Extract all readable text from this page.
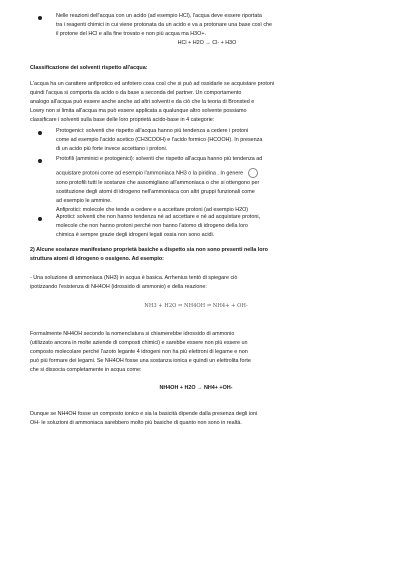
Nelle reazioni dell'acqua con un acido (ad esempio HCl), l'acqua deve essere riportata

tra i reagenti chimici in cui viene protonata da un acido e va a protonare una base così che

il protone del HCl e alla fine trovato e non più acqua ma H3O+.

HCl + H2O → Cl- + H3O

Classificazione dei solventi rispetto all'acqua:

L'acqua ha un carattere anfiprotico ed anfotero cosa così che si può ad ossidarle se acquistare protoni

quindi l'acqua si comporta da acido o da base a seconda del partner. Un comportamento

analogo all'acqua può essere anche anche ad altri solventi e da ciò che la teoria di Bronsted e

Lowry non si limita all'acqua ma può essere applicata a qualunque altro solvente possiamo

classificare i solventi sulla base delle loro proprietà acido-base in 4 categorie:

Protogenici: solventi che rispetto all'acqua hanno più tendenza a cedere i protoni

come ad esempio l'acido acetico (CH3COOH) e l'acido formico (HCOOH). In presenza

di un acido più forte invece accettano i protoni.

Protofili (amminici e protogenici): solventi che rispetto all'acqua hanno più tendenza ad

acquistare protoni come ad esempio l'ammoniaca NH3 o la piridina . In genere

sono protofili tutti le sostanze che assomigliano all'ammoniaca o che si ottengono per

sostituzione degli atomi di idrogeno nell'ammoniaca con altri gruppi funzionali come

ad esempio le ammine.

Anfiprotici: molecole che tende a cedere e a accettare protoni (ad esempio H2O)

Aprotici: solventi che non hanno tendenza né ad accettare e né ad acquistare protoni,

molecole che non hanno protoni perché non hanno l'atomo di idrogeno della loro

chimica è sempre grazie degli idrogeni legati ossia non sono acidi.

2) Alcune sostanze manifestano proprietà basiche a dispetto sia non sono presenti nella loro

struttura atomi di idrogeno o ossigeno. Ad esempio:

- Una soluzione di ammoniaca (NH3) in acqua è basica. Arrhenius tentò di spiegare ciò

ipotizzando l'esistenza di NH4OH (idrossido di ammonio) e della reazione:

NH3 + H2O ⇌ NH4OH ⇌ NH4+ + OH-

Formalmente NH4OH secondo la nomenclatura si chiamerebbe idrossido di ammonio

(utilizzato ancora in molte aziende di composti chimici) e sarebbe essere non più essere un

composto molecolare perché l'azoto legante 4 idrogeni non ha più elettroni di legame e non

può più formare dei legami. Se NH4OH fosse una sostanza ionica e quindi un elettrolita forte

che si dissocia completamente in acqua come:

NH4OH + H2O → NH4+ +OH-

Dunque se NH4OH fosse un composto ionico e sia la basicità dipende dalla presenza degli ioni

OH- le soluzioni di ammoniaca sarebbero molto più basiche di quanto non sono in realtà.
